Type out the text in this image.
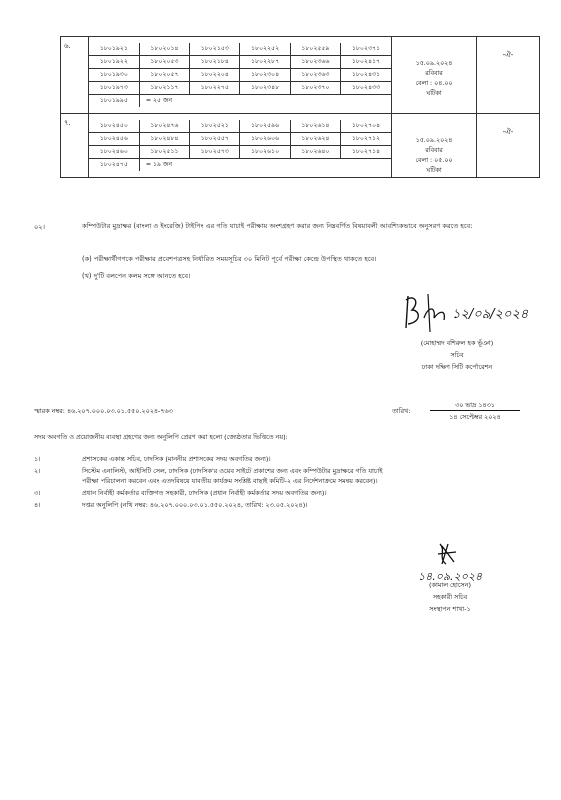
৬.		১৮০১৯২১	১৮০২০১৪	১৮০২১৫৩	১৮০২২৫২	১৮০২৫৫৯	১৮০২৩৭১
১৮০১৯২২	১৮০২০৫৩	১৮০২১৮৪	১৮০২২৮৭	১৮০২৩৬৬	১৮০২৪১৭
১৮০১৯৩০	১৮০২০৫৭	১৮০২২০৪	১৮০২৩০৪	১৮০২৩৬৩	১৮০২৪৩১
১৮০১৯৭৩	১৮০২১১৭	১৮০২২৭৫	১৮০২৩৪৮	১৮০২৩৭০	১৮০২৪৩৩
১৮০১৯৯৫	= ২৫ জন				

১৫.০৯.২০২৪
রবিবার
বেলা : ০৪.০০
ঘটিকা
	-ঐ-
৭.		১৮০২৪৫০	১৮০২৪৭৬	১৮০২৫২১	১৮০২৫৯৬	১৮০২৬১৪	১৮০২৭০৪
১৮০২৪৫৬	১৮০২৪৮৪	১৮০২৫৫৭	১৮০২৬০৬	১৮০২৬২৪	১৮০২৭১২
১৮০২৪৬০	১৮০২৫১১	১৮০২৫৭৩	১৮০২৬১০	১৮০২৬৪০	১৮০২৭১৪
১৮০২৪৭৫	= ১৯ জন				

১৫.০৯.২০২৪
রবিবার
বেলা : ০৫.০০
ঘটিকা
	-ঐ-
০২।	কম্পিউটার মুদ্রাক্ষর (বাংলা ও ইংরেজি) টাইপিং এর গতি যাচাই পরীক্ষায় অংশগ্রহণ করার জন্য নিম্নবর্ণিত বিষয়াবলী আবশ্যিকভাবে অনুসরণ করতে হবে:
(ক) পরীক্ষার্থীগণকে পরীক্ষার প্রবেশপত্রসহ নির্ধারিত সময়সূচির ৩০ মিনিট পূর্বে পরীক্ষা কেন্দ্রে উপস্থিত থাকতে হবে।
(খ) দু'টি বলপেন কলম সঙ্গে আনতে হবে।
১২/০৯/২০২৪
(মোহাম্মদ বশিরুল হক ভূঁঞা)
সচিব
ঢাকা দক্ষিণ সিটি কর্পোরেশন
স্মারক নম্বর: ৪৬.২০৭.০০০.০৩.০১.৫৫০.২০২৪-৭৬৩	তারিখ:
৩০ ভাদ্র ১৪৩১
১৪ সেপ্টেম্বর ২০২৪
সদয় অবগতি ও প্রয়োজনীয় ব্যবস্থা গ্রহণের জন্য অনুলিপি প্রেরণ করা হলো (জ্যেষ্ঠতার ভিত্তিতে নয়):
১।	প্রশাসকের একান্ত সচিব, ঢাদসিক (মাননীয় প্রশাসকের সদয় অবগতির জন্য)।
২।	সিস্টেম এনালিস্ট, আইসিটি সেল, ঢাদসিক (ঢাদসিক'র ওয়েব সাইটে প্রকাশের জন্য এবং কম্পিউটার মুদ্রাক্ষরে গতি যাচাই
পরীক্ষা পরিচালনা করবেন এবং এতদবিষয়ে যাবতীয় কার্যক্রম সংশ্লিষ্ট বাছাই কমিটি-২ এর নির্দেশনাক্রমে সমন্বয় করবেন)।
৩।	প্রধান নির্বাহী কর্মকর্তার ব্যক্তিগত সহকারী, ঢাদসিক (প্রধান নির্বাহী কর্মকর্তার সদয় অবগতির জন্য)।
৪।	দপ্তর অনুলিপি (নথি নম্বর: ৪৬.২০৭.০০০.০৩.০১.৫৫০.২০২৪, তারিখ: ২৩.০৫.২০২৪)।
১৪.০৯.২০২৪
(কামাল হোসেন)
সহকারী সচিব
সংস্থাপন শাখা-১
